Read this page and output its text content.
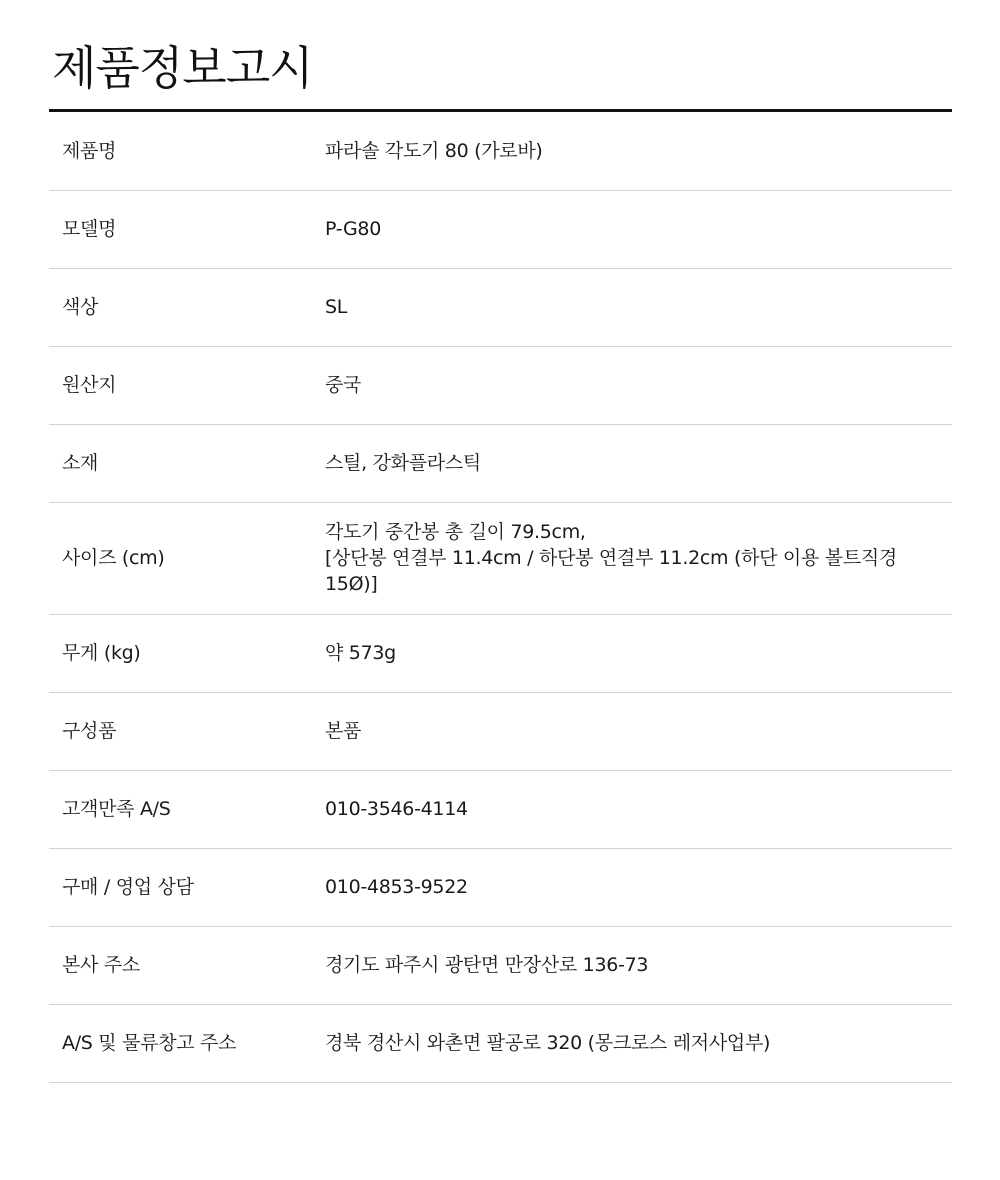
제품정보고시
제품명	파라솔 각도기 80 (가로바)
모델명	P-G80
색상	SL
원산지	중국
소재	스틸, 강화플라스틱
사이즈 (cm)	각도기 중간봉 총 길이 79.5cm,
[상단봉 연결부 11.4cm / 하단봉 연결부 11.2cm (하단 이용 볼트직경 15Ø)]

무게 (kg)	약 573g
구성품	본품
고객만족 A/S	010-3546-4114
구매 / 영업 상담	010-4853-9522
본사 주소	경기도 파주시 광탄면 만장산로 136-73
A/S 및 물류창고 주소	경북 경산시 와촌면 팔공로 320 (몽크로스 레저사업부)
